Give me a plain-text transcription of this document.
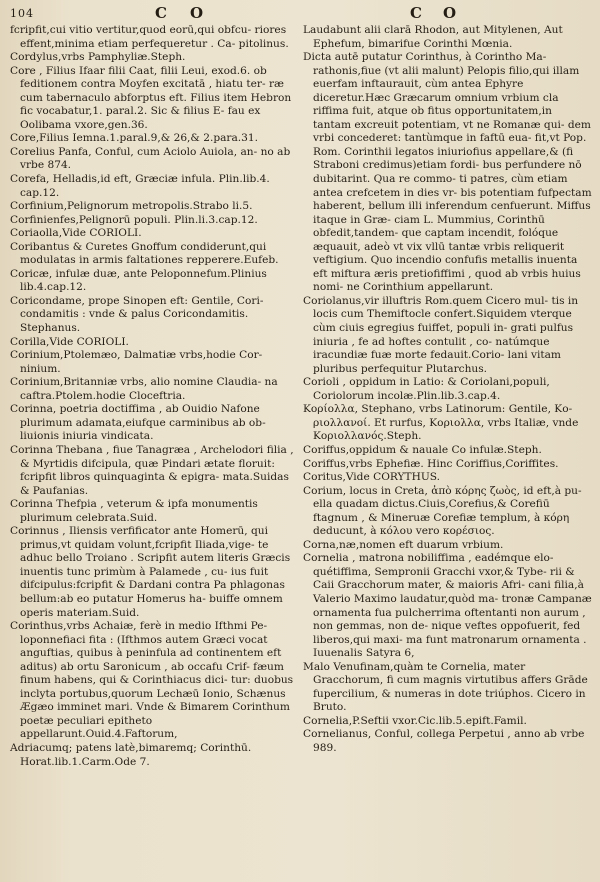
104	C O	C O

fcripfit,cui vitio vertitur,quod eorū,qui obfcu- riores effent,minima etiam perfequeretur . Ca- pitolinus.

Cordylus,vrbs Pamphyliæ.Steph.

Core , Filius Ifaar filii Caat, filii Leui, exod.6. ob feditionem contra Moyfen excitatā , hiatu ter- ræ cum tabernaculo abforptus eft. Filius item Hebron fic vocabatur,1. paral.2. Sic & filius E- fau ex Oolibama vxore,gen.36.

Core,Filius Iemna.1.paral.9,& 26,& 2.para.31.

Corelius Panfa, Conful, cum Aciolo Auiola, an- no ab vrbe 874.

Corefa, Helladis,id eft, Græciæ infula. Plin.lib.4. cap.12.

Corfinium,Pelignorum metropolis.Strabo li.5.

Corfinienfes,Pelignorū populi. Plin.li.3.cap.12.

Coriaolla,Vide CORIOLI.

Coribantus & Curetes Gnoffum condiderunt,qui modulatas in armis faltationes repperere.Eufeb.

Coricæ, infulæ duæ, ante Peloponnefum.Plinius lib.4.cap.12.

Coricondame, prope Sinopen eft: Gentile, Cori- condamitis : vnde & palus Coricondamitis. Stephanus.

Corilla,Vide CORIOLI.

Corinium,Ptolemæo, Dalmatiæ vrbs,hodie Cor- ninium.

Corinium,Britanniæ vrbs, alio nomine Claudia- na caftra.Ptolem.hodie Cloceftria.

Corinna, poetria doctiffima , ab Ouidio Nafone plurimum adamata,eiufque carminibus ab ob- liuionis iniuria vindicata.

Corinna Thebana , fiue Tanagræa , Archelodori filia , & Myrtidis difcipula, quæ Pindari ætate floruit: fcripfit libros quinquaginta & epigra- mata.Suidas & Paufanias.

Corinna Thefpia , veterum & ipfa monumentis plurimum celebrata.Suid.

Corinnus , Iliensis verfificator ante Homerū, qui primus,vt quidam volunt,fcripfit Iliada,vige- te adhuc bello Troiano . Scripfit autem literis Græcis inuentis tunc primùm à Palamede , cu- ius fuit difcipulus:fcripfit & Dardani contra Pa phlagonas bellum:ab eo putatur Homerus ha- buiffe omnem operis materiam.Suid.

Corinthus,vrbs Achaiæ, ferè in medio Ifthmi Pe- loponnefiaci fita : (Ifthmos autem Græci vocat anguftias, quibus à peninfula ad continentem eft aditus) ab ortu Saronicum , ab occafu Crif- fæum finum habens, qui & Corinthiacus dici- tur: duobus inclyta portubus,quorum Lechæū Ionio, Schænus Ægæo imminet mari. Vnde & Bimarem Corinthum poetæ peculiari epitheto appellarunt.Ouid.4.Faftorum,

Adriacumq; patens latè,bimaremq; Corinthū. Horat.lib.1.Carm.Ode 7.

Laudabunt alii clarā Rhodon, aut Mitylenen, Aut Ephefum, bimarifue Corinthi Mœnia.

Dicta autē putatur Corinthus, à Corintho Ma- rathonis,fiue (vt alii malunt) Pelopis filio,qui illam euerfam inftaurauit, cùm antea Ephyre diceretur.Hæc Græcarum omnium vrbium cla riffima fuit, atque ob fitus opportunitatem,in tantam excreuit potentiam, vt ne Romanæ qui- dem vrbi concederet: tantùmque in faftū eua- fit,vt Pop. Rom. Corinthii legatos iniuriofius appellare,& (fi Straboni credimus)etiam fordi- bus perfundere nō dubitarint. Qua re commo- ti patres, cùm etiam antea crefcetem in dies vr- bis potentiam fufpectam haberent, bellum illi inferendum cenfuerunt. Miffus itaque in Græ- ciam L. Mummius, Corinthū obfedit,tandem- que captam incendit, folóque æquauit, adeò vt vix vllū tantæ vrbis reliquerit veftigium. Quo incendio confufis metallis inuenta eft miftura æris pretiofiffimi , quod ab vrbis huius nomi- ne Corinthium appellarunt.

Coriolanus,vir illuftris Rom.quem Cicero mul- tis in locis cum Themiftocle confert.Siquidem vterque cùm ciuis egregius fuiffet, populi in- grati pulfus iniuria , fe ad hoftes contulit , co- natúmque iracundiæ fuæ morte fedauit.Corio- lani vitam pluribus perfequitur Plutarchus.

Corioli , oppidum in Latio: & Coriolani,populi, Coriolorum incolæ.Plin.lib.3.cap.4.

Κορίολλα, Stephano, vrbs Latinorum: Gentile, Κο- ριολλανοί. Et rurfus, Κοριολλα, vrbs Italiæ, vnde Κοριολλανός.Steph.

Coriffus,oppidum & nauale Co infulæ.Steph.

Coriffus,vrbs Ephefiæ. Hinc Coriffius,Coriffites.

Coritus,Vide CORYTHUS.

Corium, locus in Creta, ἀπὸ κόρης ζωὸς, id eft,à pu- ella quadam dictus.Ciuis,Corefius,& Corefiū ftagnum , & Mineruæ Corefiæ templum, à κόρη deducunt, à κόλου vero κορέσιος.

Corna,næ,nomen eft duarum vrbium.

Cornelia , matrona nobiliffima , eadémque elo- quétiffima, Sempronii Gracchi vxor,& Tybe- rii & Caii Gracchorum mater, & maioris Afri- cani filia,à Valerio Maximo laudatur,quòd ma- tronæ Campanæ ornamenta fua pulcherrima oftentanti non aurum , non gemmas, non de- nique veftes oppofuerit, fed liberos,qui maxi- ma funt matronarum ornamenta . Iuuenalis Satyra 6,

Malo Venufinam,quàm te Cornelia, mater Gracchorum, fi cum magnis virtutibus affers Grāde fupercilium, & numeras in dote triúphos. Cicero in Bruto.

Cornelia,P.Seftii vxor.Cic.lib.5.epift.Famil.

Cornelianus, Conful, collega Perpetui , anno ab vrbe 989.
